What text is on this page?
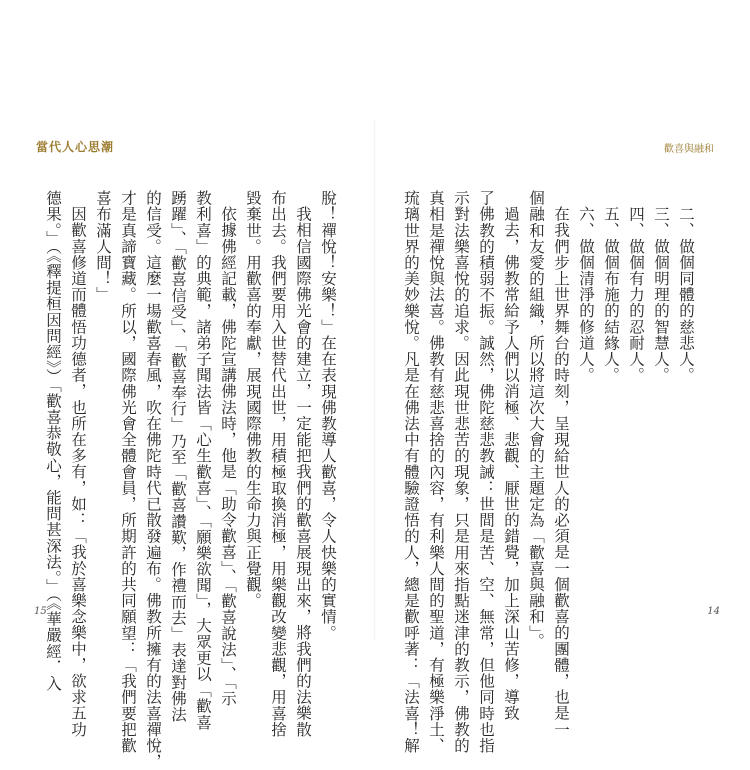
當代人心思潮	歡喜與融和
脫！禪悅！安樂！」在在表現佛教導人歡喜，令人快樂的實情。
我相信國際佛光會的建立，一定能把我們的歡喜展現出來，將我們的法樂散
布出去。我們要用入世替代出世，用積極取換消極，用樂觀改變悲觀，用喜捨
毀棄世。用歡喜的奉獻，展現國際佛教的生命力與正覺觀。
依據佛經記載，佛陀宣講佛法時，他是「助令歡喜」、「歡喜說法」、「示
教利喜」的典範，諸弟子聞法皆「心生歡喜」、「願樂欲聞」，大眾更以「歡喜
踴躍」、「歡喜信受」、「歡喜奉行」乃至「歡喜讚歎，作禮而去」表達對佛法
的信受。這麼一場歡喜春風，吹在佛陀時代已散發遍布。佛教所擁有的法喜禪悅，
才是真諦寶藏。所以，國際佛光會全體會員，所期許的共同願望：「我們要把歡
喜布滿人間！」
因歡喜修道而體悟功德者，也所在多有，如：「我於喜樂念樂中，欲求五功
德果。」（《釋提桓因問經》）「歡喜恭敬心，能問甚深法。」（《華嚴經．入	二、做個同體的慈悲人。
三、做個明理的智慧人。
四、做個有力的忍耐人。
五、做個布施的結緣人。
六、做個清淨的修道人。
在我們步上世界舞台的時刻，呈現給世人的必須是一個歡喜的團體，也是一
個融和友愛的組織，所以將這次大會的主題定為「歡喜與融和」。
過去，佛教常給予人們以消極、悲觀、厭世的錯覺，加上深山苦修，導致
了佛教的積弱不振。誠然，佛陀慈悲教誡：世間是苦、空、無常，但他同時也指
示對法樂喜悅的追求。因此現世悲苦的現象，只是用來指點迷津的教示，佛教的
真相是禪悅與法喜。佛教有慈悲喜捨的內容，有利樂人間的聖道，有極樂淨土、
琉璃世界的美妙樂悅。凡是在佛法中有體驗證悟的人，總是歡呼著：「法喜！解
15	14
